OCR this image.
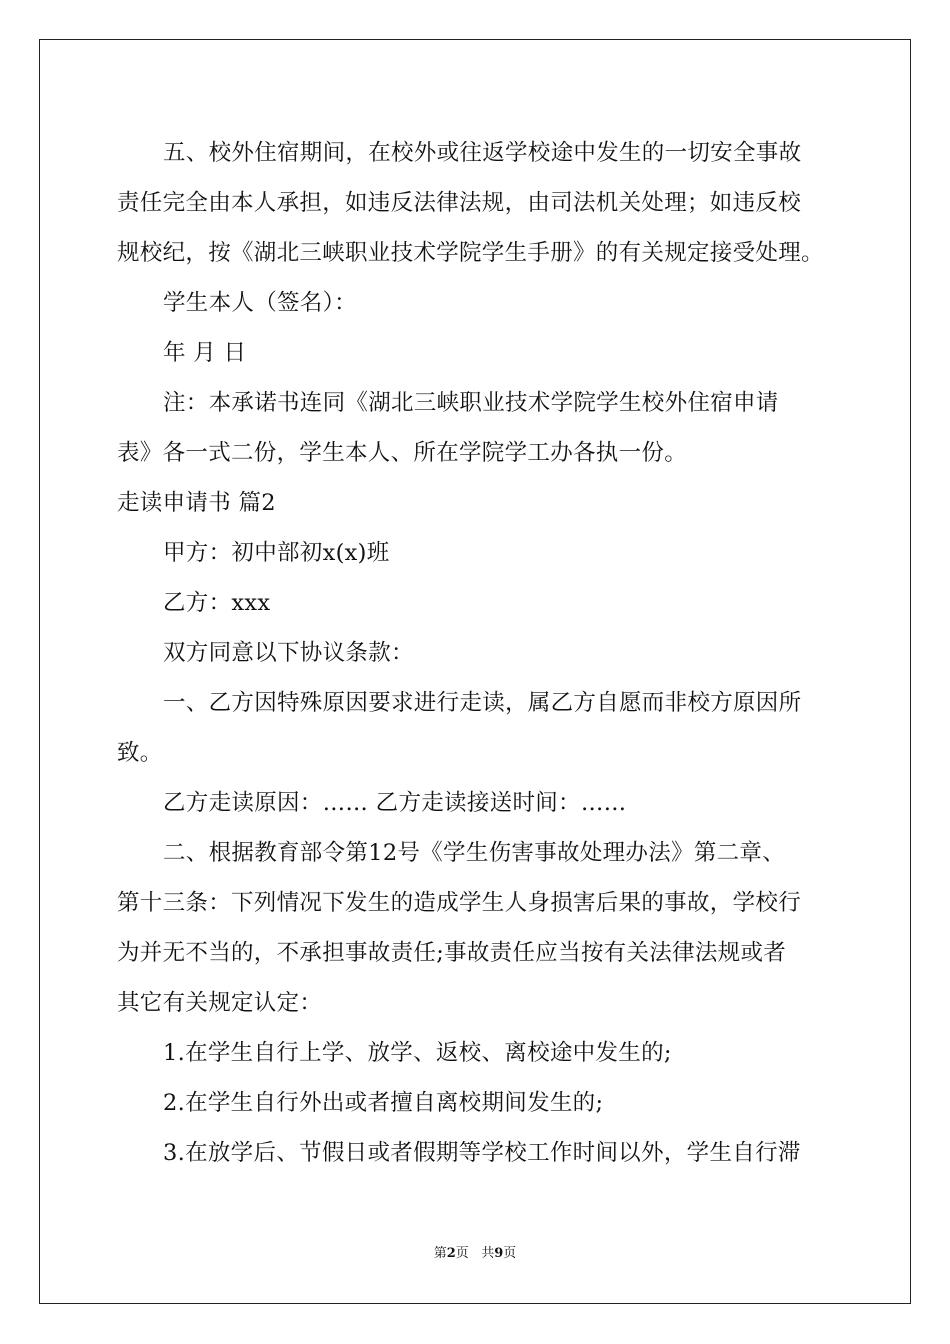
五、校外住宿期间，在校外或往返学校途中发生的一切安全事故
责任完全由本人承担，如违反法律法规，由司法机关处理；如违反校
规校纪，按《湖北三峡职业技术学院学生手册》的有关规定接受处理。
学生本人（签名）：
年 月 日
注：本承诺书连同《湖北三峡职业技术学院学生校外住宿申请
表》各一式二份，学生本人、所在学院学工办各执一份。
走读申请书 篇2
甲方：初中部初x(x)班
乙方：xxx
双方同意以下协议条款：
一、乙方因特殊原因要求进行走读，属乙方自愿而非校方原因所
致。
乙方走读原因：…… 乙方走读接送时间：……
二、根据教育部令第12号《学生伤害事故处理办法》第二章、
第十三条：下列情况下发生的造成学生人身损害后果的事故，学校行
为并无不当的，不承担事故责任;事故责任应当按有关法律法规或者
其它有关规定认定：
1.在学生自行上学、放学、返校、离校途中发生的;
2.在学生自行外出或者擅自离校期间发生的;
3.在放学后、节假日或者假期等学校工作时间以外，学生自行滞
第2页 共9页
